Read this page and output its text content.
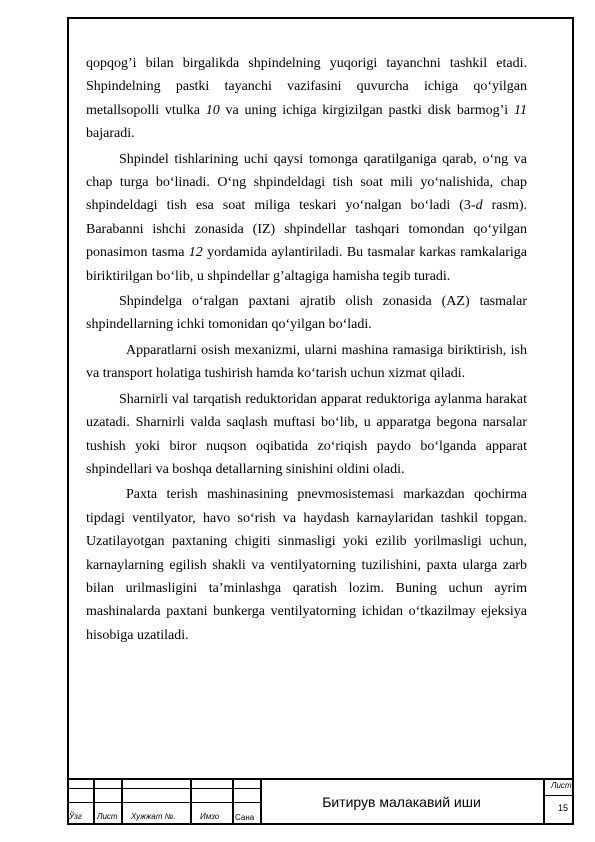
qopqog’i bilan birgalikda shpindelning yuqorigi tayanchni tashkil etadi. Shpindelning pastki tayanchi vazifasini quvurcha ichiga qo‘yilgan metallsopolli vtulka 10 va uning ichiga kirgizilgan pastki disk barmog’i 11 bajaradi.

Shpindel tishlarining uchi qaysi tomonga qaratilganiga qarab, o‘ng va chap turga bo‘linadi. O‘ng shpindeldagi tish soat mili yo‘nalishida, chap shpindeldagi tish esa soat miliga teskari yo‘nalgan bo‘ladi (3-d rasm). Barabanni ishchi zonasida (IZ) shpindellar tashqari tomondan qo‘yilgan ponasimon tasma 12 yordamida aylantiriladi. Bu tasmalar karkas ramkalariga biriktirilgan bo‘lib, u shpindellar g’altagiga hamisha tegib turadi.

Shpindelga o‘ralgan paxtani ajratib olish zonasida (AZ) tasmalar shpindellarning ichki tomonidan qo‘yilgan bo‘ladi.

Apparatlarni osish mexanizmi, ularni mashina ramasiga biriktirish, ish va transport holatiga tushirish hamda ko‘tarish uchun xizmat qiladi.

Sharnirli val tarqatish reduktoridan apparat reduktoriga aylanma harakat uzatadi. Sharnirli valda saqlash muftasi bo‘lib, u apparatga begona narsalar tushish yoki biror nuqson oqibatida zo‘riqish paydo bo‘lganda apparat shpindellari va boshqa detallarning sinishini oldini oladi.

Paxta terish mashinasining pnevmosistemasi markazdan qochirma tipdagi ventilyator, havo so‘rish va haydash karnaylaridan tashkil topgan. Uzatilayotgan paxtaning chigiti sinmasligi yoki ezilib yorilmasligi uchun, karnaylarning egilish shakli va ventilyatorning tuzilishini, paxta ularga zarb bilan urilmasligini ta’minlashga qaratish lozim. Buning uchun ayrim mashinalarda paxtani bunkerga ventilyatorning ichidan o‘tkazilmay ejeksiya hisobiga uzatiladi.

Ўзг Лист Хужжат №.	Имзо Сана
Битирув малакавий иши
Лист
15
